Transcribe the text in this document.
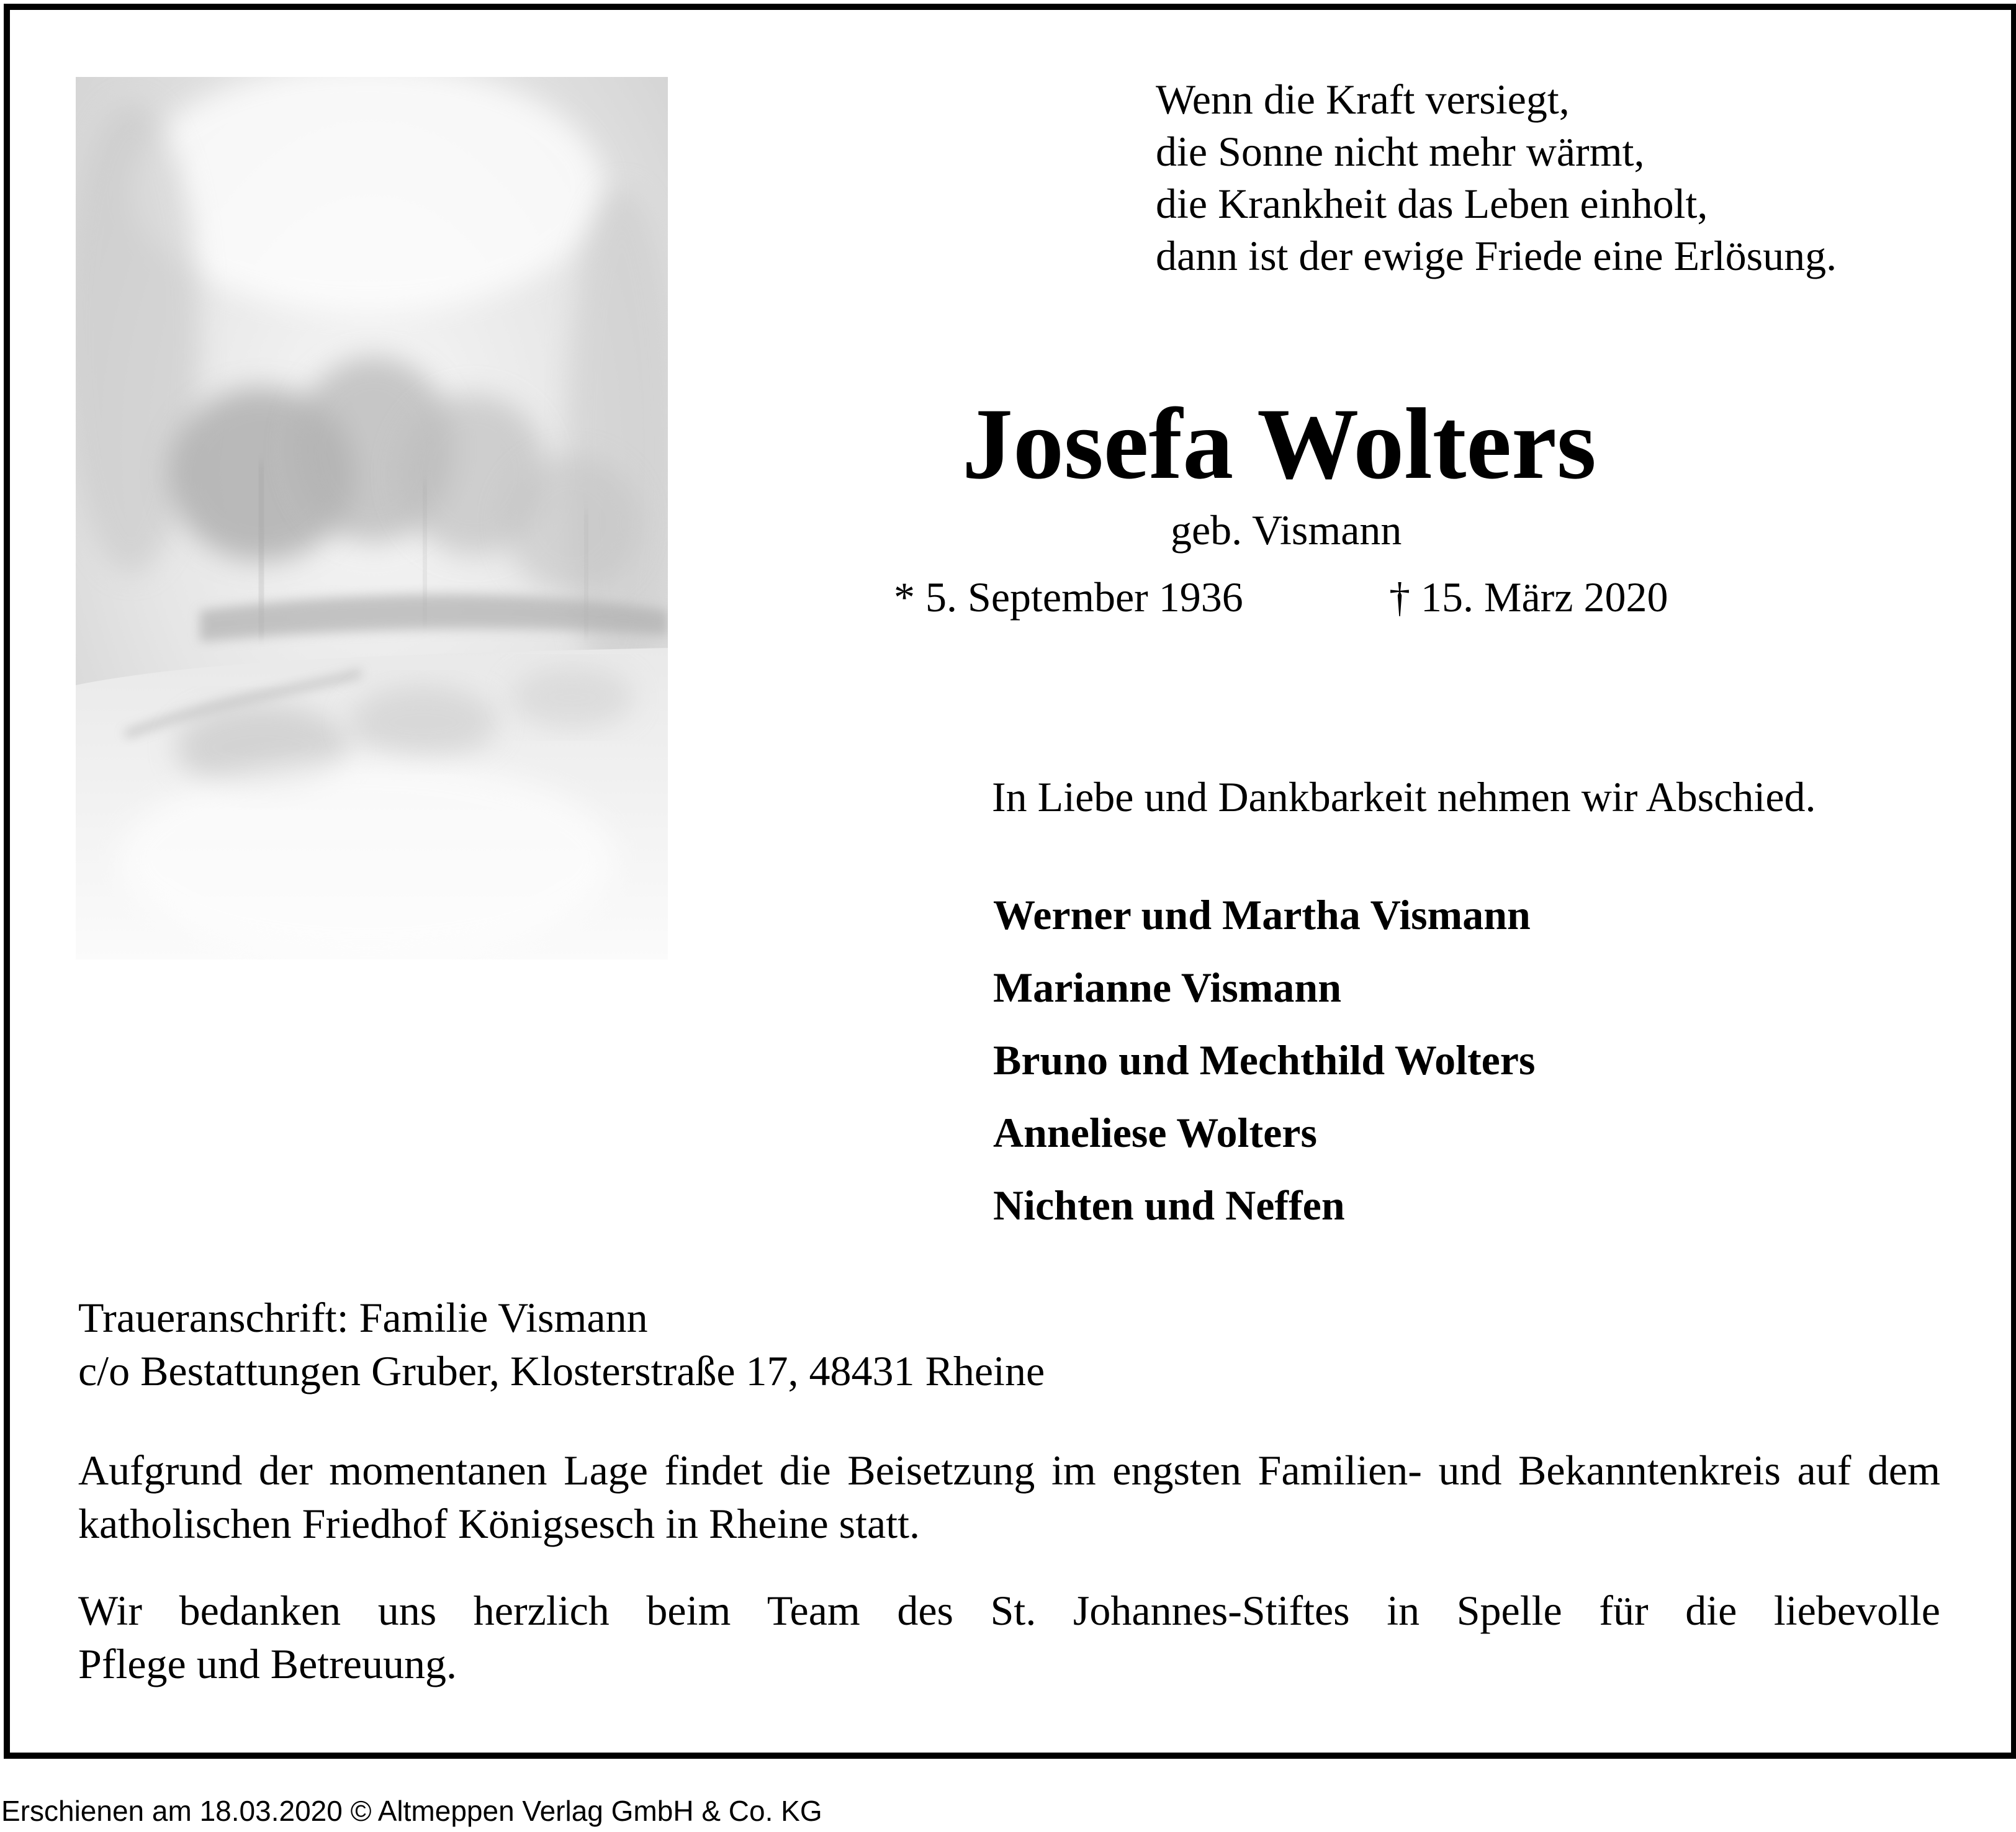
Wenn die Kraft versiegt,
die Sonne nicht mehr wärmt,
die Krankheit das Leben einholt,
dann ist der ewige Friede eine Erlösung.
Josefa Wolters
geb. Vismann
* 5. September 1936	† 15. März 2020
In Liebe und Dankbarkeit nehmen wir Abschied.
Werner und Martha Vismann
Marianne Vismann
Bruno und Mechthild Wolters
Anneliese Wolters
Nichten und Neffen
Traueranschrift: Familie Vismann
c/o Bestattungen Gruber, Klosterstraße 17, 48431 Rheine
Aufgrund der momentanen Lage findet die Beisetzung im engsten Familien- und Bekanntenkreis auf dem katholischen Friedhof Königsesch in Rheine statt.
Wir bedanken uns herzlich beim Team des St. Johannes-Stiftes in Spelle für die liebevolle
Pflege und Betreuung.
Erschienen am 18.03.2020 © Altmeppen Verlag GmbH & Co. KG
